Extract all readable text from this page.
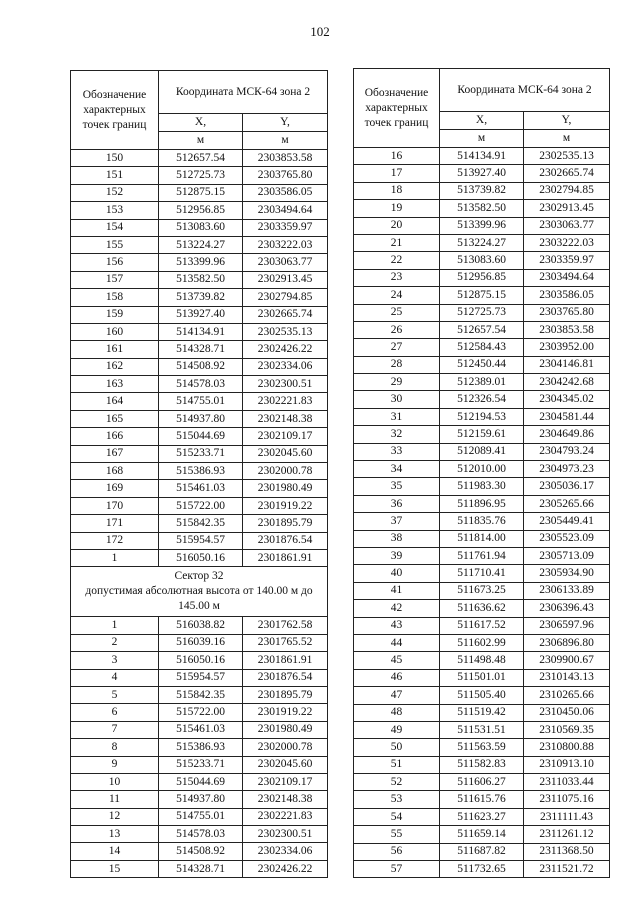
102
Обозначение характерных точек границ	Координата МСК-64 зона 2	
	X,	Y,
	м	м
150	512657.54	2303853.58
151	512725.73	2303765.80
152	512875.15	2303586.05
153	512956.85	2303494.64
154	513083.60	2303359.97
155	513224.27	2303222.03
156	513399.96	2303063.77
157	513582.50	2302913.45
158	513739.82	2302794.85
159	513927.40	2302665.74
160	514134.91	2302535.13
161	514328.71	2302426.22
162	514508.92	2302334.06
163	514578.03	2302300.51
164	514755.01	2302221.83
165	514937.80	2302148.38
166	515044.69	2302109.17
167	515233.71	2302045.60
168	515386.93	2302000.78
169	515461.03	2301980.49
170	515722.00	2301919.22
171	515842.35	2301895.79
172	515954.57	2301876.54
1	516050.16	2301861.91

Сектор 32
допустимая абсолютная высота от 140.00 м до 145.00 м		

1	516038.82	2301762.58
2	516039.16	2301765.52
3	516050.16	2301861.91
4	515954.57	2301876.54
5	515842.35	2301895.79
6	515722.00	2301919.22
7	515461.03	2301980.49
8	515386.93	2302000.78
9	515233.71	2302045.60
10	515044.69	2302109.17
11	514937.80	2302148.38
12	514755.01	2302221.83
13	514578.03	2302300.51
14	514508.92	2302334.06
15	514328.71	2302426.22
Обозначение характерных точек границ	Координата МСК-64 зона 2	
	X,	Y,
	м	м
16	514134.91	2302535.13
17	513927.40	2302665.74
18	513739.82	2302794.85
19	513582.50	2302913.45
20	513399.96	2303063.77
21	513224.27	2303222.03
22	513083.60	2303359.97
23	512956.85	2303494.64
24	512875.15	2303586.05
25	512725.73	2303765.80
26	512657.54	2303853.58
27	512584.43	2303952.00
28	512450.44	2304146.81
29	512389.01	2304242.68
30	512326.54	2304345.02
31	512194.53	2304581.44
32	512159.61	2304649.86
33	512089.41	2304793.24
34	512010.00	2304973.23
35	511983.30	2305036.17
36	511896.95	2305265.66
37	511835.76	2305449.41
38	511814.00	2305523.09
39	511761.94	2305713.09
40	511710.41	2305934.90
41	511673.25	2306133.89
42	511636.62	2306396.43
43	511617.52	2306597.96
44	511602.99	2306896.80
45	511498.48	2309900.67
46	511501.01	2310143.13
47	511505.40	2310265.66
48	511519.42	2310450.06
49	511531.51	2310569.35
50	511563.59	2310800.88
51	511582.83	2310913.10
52	511606.27	2311033.44
53	511615.76	2311075.16
54	511623.27	2311111.43
55	511659.14	2311261.12
56	511687.82	2311368.50
57	511732.65	2311521.72
